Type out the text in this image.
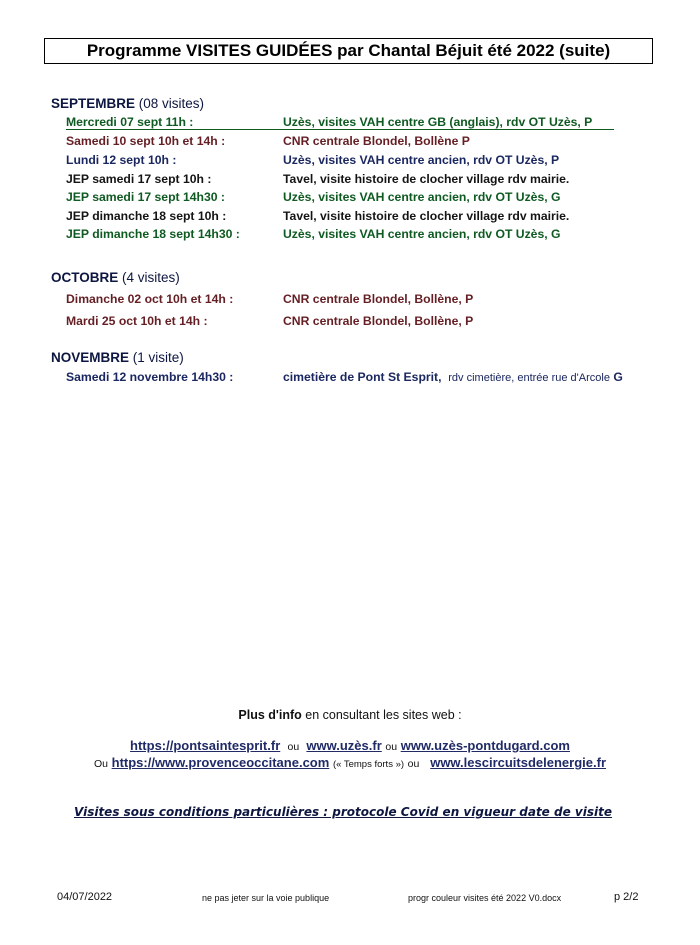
Programme VISITES GUIDÉES par Chantal Béjuit été 2022 (suite)
SEPTEMBRE (08 visites)
Mercredi 07 sept 11h :	Uzès, visites VAH centre GB (anglais), rdv OT Uzès, P
Samedi 10 sept 10h et 14h :	CNR centrale Blondel, Bollène P
Lundi 12 sept 10h :	Uzès, visites VAH centre ancien, rdv OT Uzès, P
JEP samedi 17 sept 10h :	Tavel, visite histoire de clocher village rdv mairie.
JEP samedi 17 sept 14h30 :	Uzès, visites VAH centre ancien, rdv OT Uzès, G
JEP dimanche 18 sept 10h :	Tavel, visite histoire de clocher village rdv mairie.
JEP dimanche 18 sept 14h30 :	Uzès, visites VAH centre ancien, rdv OT Uzès, G
OCTOBRE (4 visites)
Dimanche 02 oct 10h et 14h :	CNR centrale Blondel, Bollène, P
Mardi 25 oct 10h et 14h :	CNR centrale Blondel, Bollène, P
NOVEMBRE (1 visite)
Samedi 12 novembre 14h30 :	cimetière de Pont St Esprit, rdv cimetière, entrée rue d'Arcole G
Plus d'info en consultant les sites web :
https://pontsaintesprit.fr ou www.uzès.fr ou www.uzès-pontdugard.com
Ou https://www.provenceoccitane.com (« Temps forts ») ou www.lescircuitsdelenergie.fr
Visites sous conditions particulières : protocole Covid en vigueur date de visite
04/07/2022	ne pas jeter sur la voie publique	progr couleur visites été 2022 V0.docx	p 2/2
